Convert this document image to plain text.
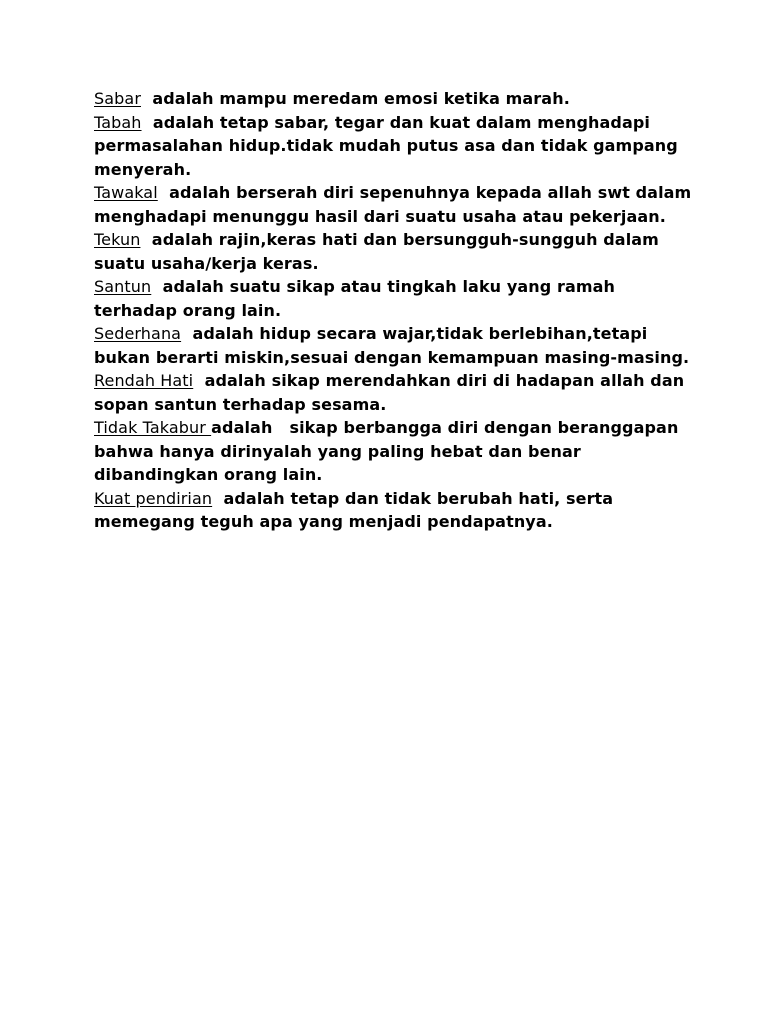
Sabar adalah mampu meredam emosi ketika marah.

Tabah adalah tetap sabar, tegar dan kuat dalam menghadapi permasalahan hidup.tidak mudah putus asa dan tidak gampang menyerah.

Tawakal adalah berserah diri sepenuhnya kepada allah swt dalam menghadapi menunggu hasil dari suatu usaha atau pekerjaan.

Tekun adalah rajin,keras hati dan bersungguh-sungguh dalam suatu usaha/kerja keras.

Santun adalah suatu sikap atau tingkah laku yang ramah terhadap orang lain.

Sederhana adalah hidup secara wajar,tidak berlebihan,tetapi bukan berarti miskin,sesuai dengan kemampuan masing-masing.

Rendah Hati adalah sikap merendahkan diri di hadapan allah dan sopan santun terhadap sesama.

Tidak Takabur adalah   sikap berbangga diri dengan beranggapan bahwa hanya dirinyalah yang paling hebat dan benar dibandingkan orang lain.

Kuat pendirian adalah tetap dan tidak berubah hati, serta memegang teguh apa yang menjadi pendapatnya.
